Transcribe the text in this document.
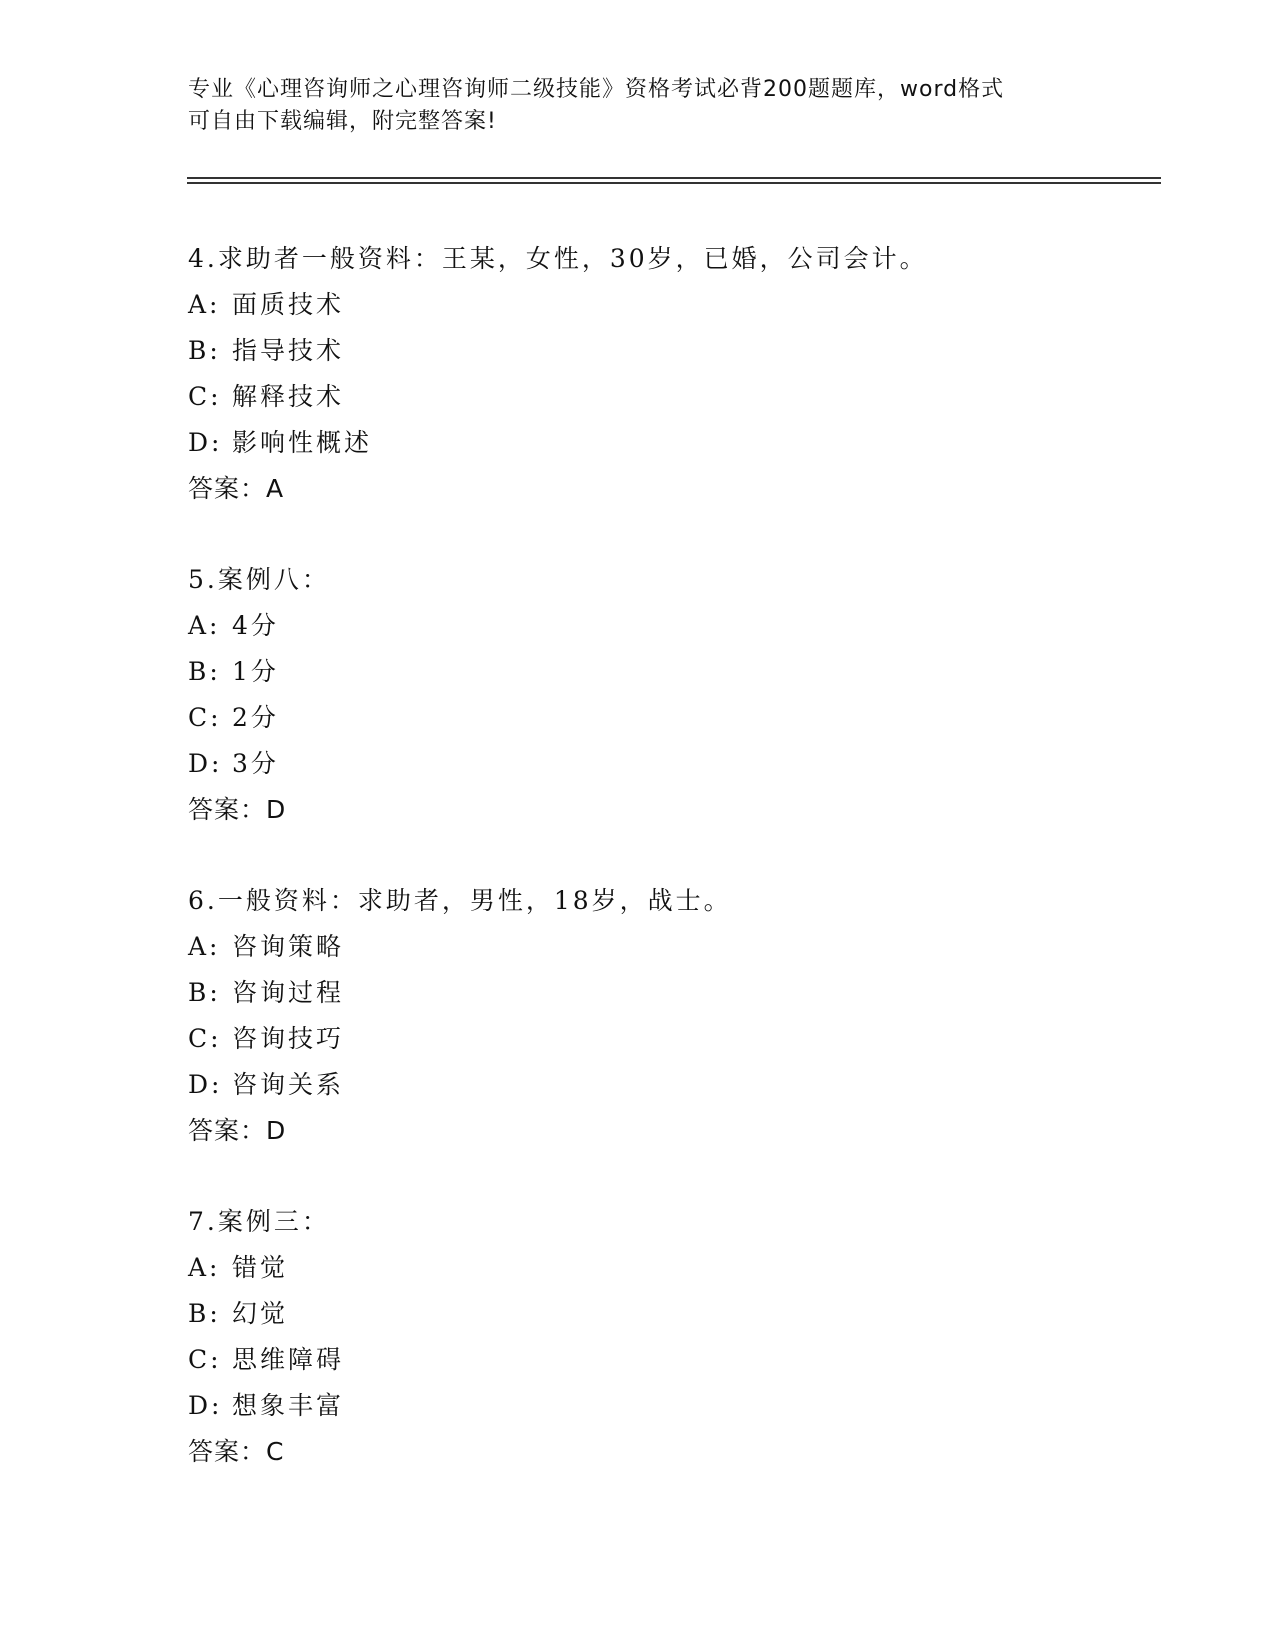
专业《心理咨询师之心理咨询师二级技能》资格考试必背200题题库，word格式
可自由下载编辑，附完整答案!
4.求助者一般资料：王某，女性，30岁，已婚，公司会计。
A: 面质技术
B: 指导技术
C: 解释技术
D: 影响性概述
答案：A
5.案例八：
A: 4分
B: 1分
C: 2分
D: 3分
答案：D
6.一般资料：求助者，男性，18岁，战士。
A: 咨询策略
B: 咨询过程
C: 咨询技巧
D: 咨询关系
答案：D
7.案例三：
A: 错觉
B: 幻觉
C: 思维障碍
D: 想象丰富
答案：C
